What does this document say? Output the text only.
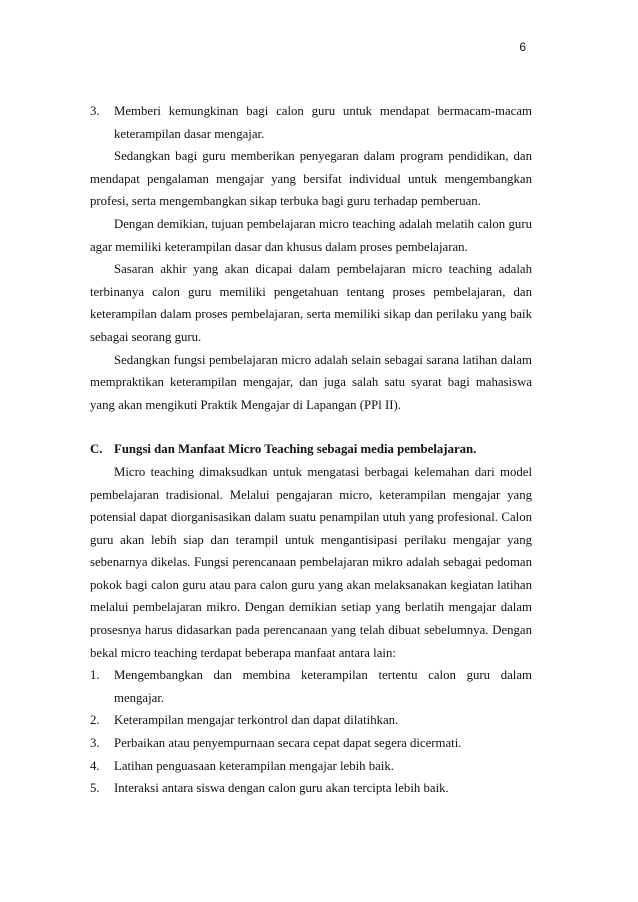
6
3.	Memberi kemungkinan bagi calon guru untuk mendapat bermacam-macam keterampilan dasar mengajar.

Sedangkan bagi guru memberikan penyegaran dalam program pendidikan, dan mendapat pengalaman mengajar yang bersifat individual untuk mengembangkan profesi, serta mengembangkan sikap terbuka bagi guru terhadap pemberuan.

Dengan demikian, tujuan pembelajaran micro teaching adalah melatih calon guru agar memiliki keterampilan dasar dan khusus dalam proses pembelajaran.

Sasaran akhir yang akan dicapai dalam pembelajaran micro teaching adalah terbinanya calon guru memiliki pengetahuan tentang proses pembelajaran, dan keterampilan dalam proses pembelajaran, serta memiliki sikap dan perilaku yang baik sebagai seorang guru.

Sedangkan fungsi pembelajaran micro adalah selain sebagai sarana latihan dalam mempraktikan keterampilan mengajar, dan juga salah satu syarat bagi mahasiswa yang akan mengikuti Praktik Mengajar di Lapangan (PPl II).

C. Fungsi dan Manfaat Micro Teaching sebagai media pembelajaran.

Micro teaching dimaksudkan untuk mengatasi berbagai kelemahan dari model pembelajaran tradisional. Melalui pengajaran micro, keterampilan mengajar yang potensial dapat diorganisasikan dalam suatu penampilan utuh yang profesional. Calon guru akan lebih siap dan terampil untuk mengantisipasi perilaku mengajar yang sebenarnya dikelas. Fungsi perencanaan pembelajaran mikro adalah sebagai pedoman pokok bagi calon guru atau para calon guru yang akan melaksanakan kegiatan latihan melalui pembelajaran mikro. Dengan demikian setiap yang berlatih mengajar dalam prosesnya harus didasarkan pada perencanaan yang telah dibuat sebelumnya. Dengan bekal micro teaching terdapat beberapa manfaat antara lain:

1.	Mengembangkan dan membina keterampilan tertentu calon guru dalam mengajar.
2.	Keterampilan mengajar terkontrol dan dapat dilatihkan.
3.	Perbaikan atau penyempurnaan secara cepat dapat segera dicermati.
4.	Latihan penguasaan keterampilan mengajar lebih baik.
5.	Interaksi antara siswa dengan calon guru akan tercipta lebih baik.
